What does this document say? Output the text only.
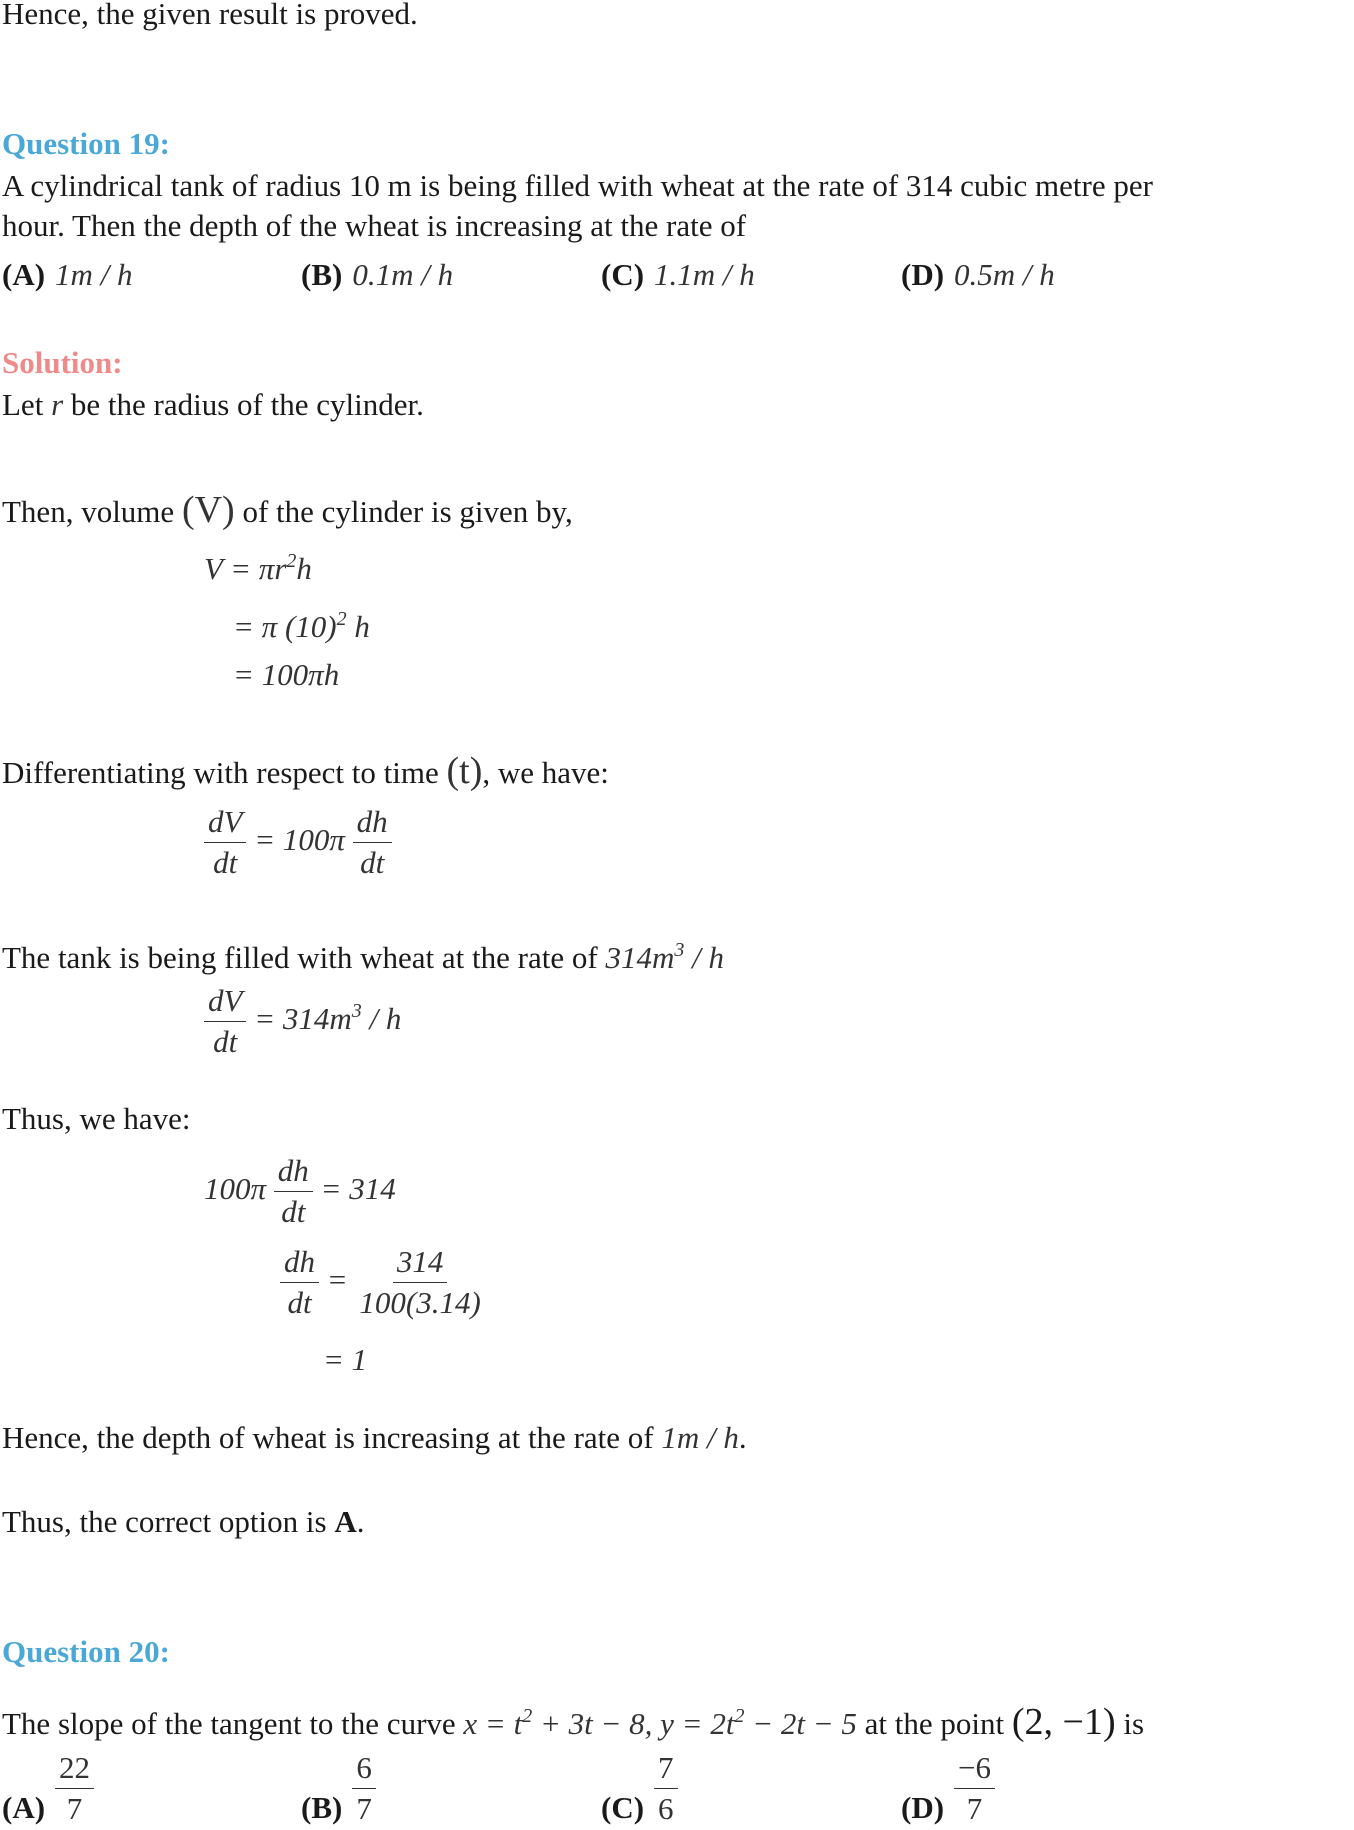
Hence, the given result is proved.
Question 19:
A cylindrical tank of radius 10 m is being filled with wheat at the rate of 314 cubic metre per
hour. Then the depth of the wheat is increasing at the rate of
(A) 1m / h	(B) 0.1m / h	(C) 1.1m / h	(D) 0.5m / h
Solution:
Let r be the radius of the cylinder.
Then, volume (V) of the cylinder is given by,
$V = \pi r^2h$
= π $(10)^2$ h
= 100πh
Differentiating with respect to time (t), we have:
$\frac{dV}{dt} = 100\pi \frac{dh}{dt}$
The tank is being filled with wheat at the rate of $314m^3$ / h
$\frac{dV}{dt} = 314m^3 / h$
Thus, we have:
$100\pi \frac{dh}{dt} = 314$
$\frac{dh}{dt} = \frac{314}{100(3.14)}$
= 1
Hence, the depth of wheat is increasing at the rate of 1m / h.
Thus, the correct option is A.
Question 20:
The slope of the tangent to the curve $x = t^2 + 3t - 8$, $y = 2t^2 - 2t - 5$ at the point (2, −1) is
$(A) \frac{22}{7}$	$(B) \frac{6}{7}$	$(C) \frac{7}{6}$	$(D) \frac{-6}{7}$
